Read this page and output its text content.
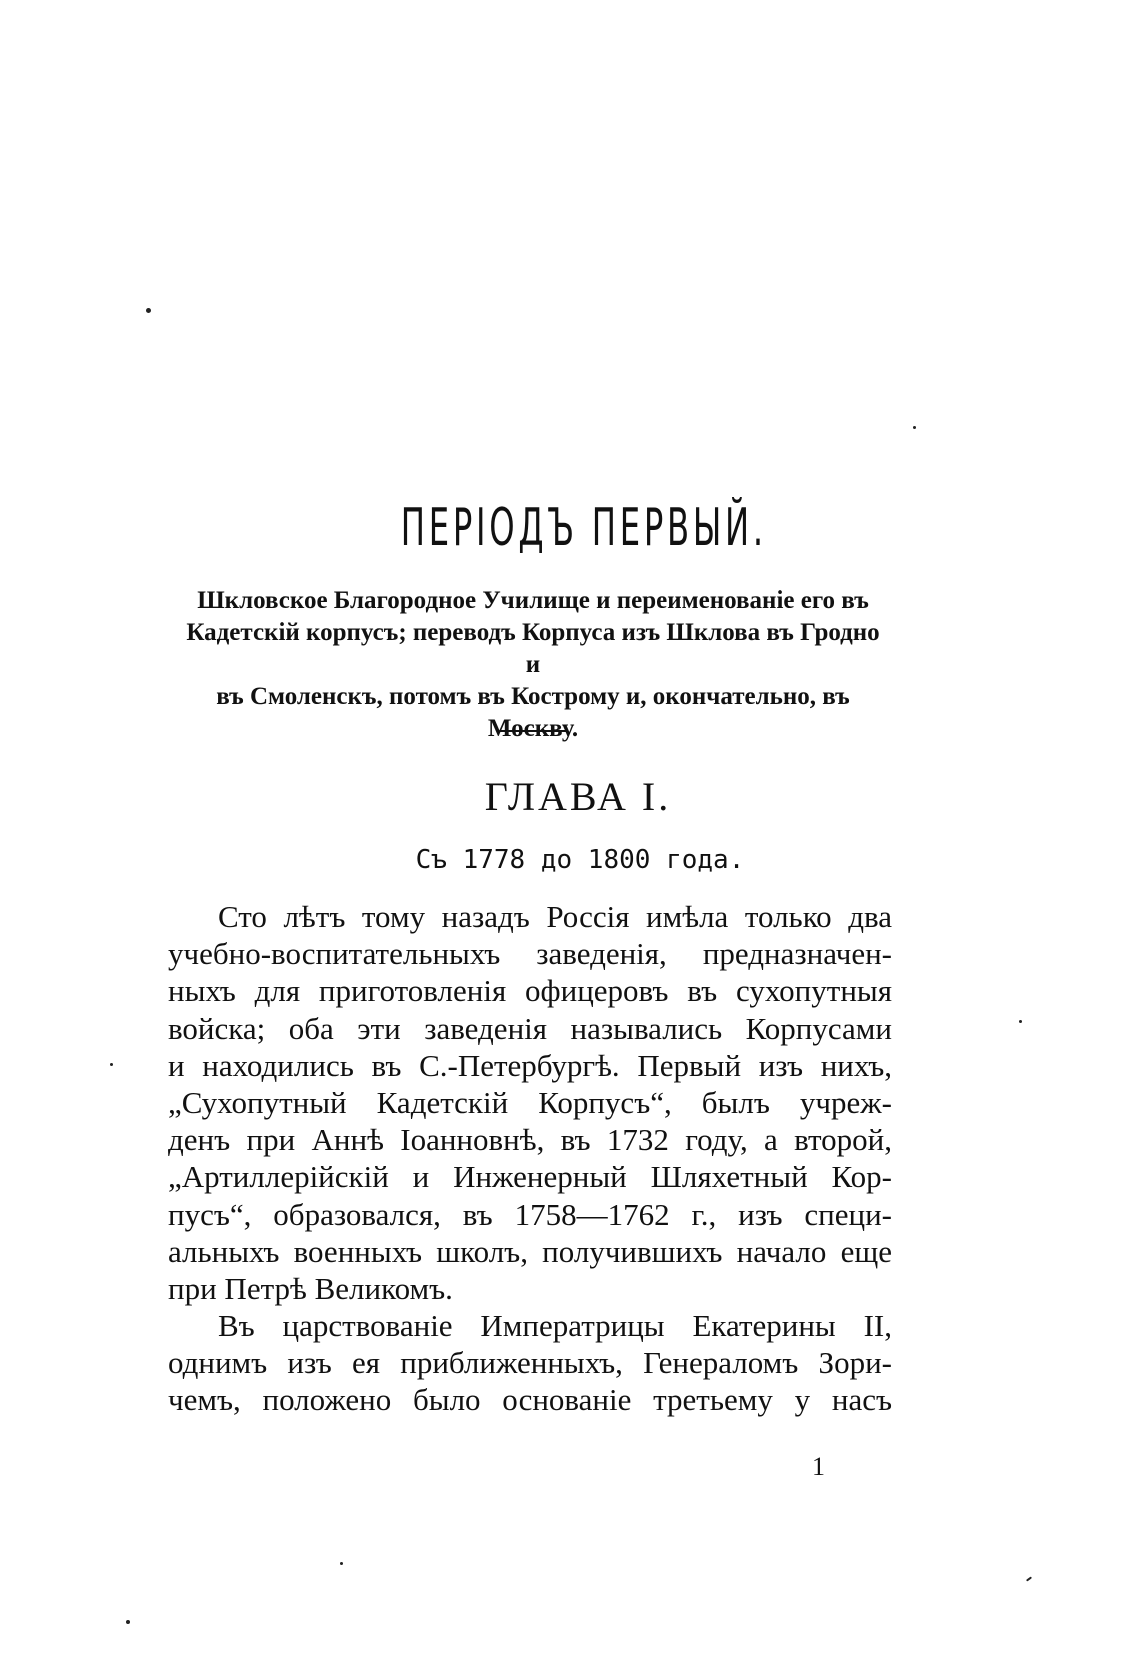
ПЕРІОДЪ ПЕРВЫЙ.
Шкловское Благородное Училище и переименованіе его въ
Кадетскій корпусъ; переводъ Корпуса изъ Шклова въ Гродно и
въ Смоленскъ, потомъ въ Кострому и, окончательно, въ Москву.
ГЛАВА I.
Съ 1778 до 1800 года.
Сто лѣтъ тому назадъ Россія имѣла только два
учебно-воспитательныхъ заведенія, предназначен-
ныхъ для приготовленія офицеровъ въ сухопутныя
войска; оба эти заведенія назывались Корпусами
и находились въ С.-Петербургѣ. Первый изъ нихъ,
„Сухопутный Кадетскій Корпусъ“, былъ учреж-
денъ при Аннѣ Іоанновнѣ, въ 1732 году, а второй,
„Артиллерійскій и Инженерный Шляхетный Кор-
пусъ“, образовался, въ 1758—1762 г., изъ специ-
альныхъ военныхъ школъ, получившихъ начало еще
при Петрѣ Великомъ.
Въ царствованіе Императрицы Екатерины II,
однимъ изъ ея приближенныхъ, Генераломъ Зори-
чемъ, положено было основаніе третьему у насъ
1
